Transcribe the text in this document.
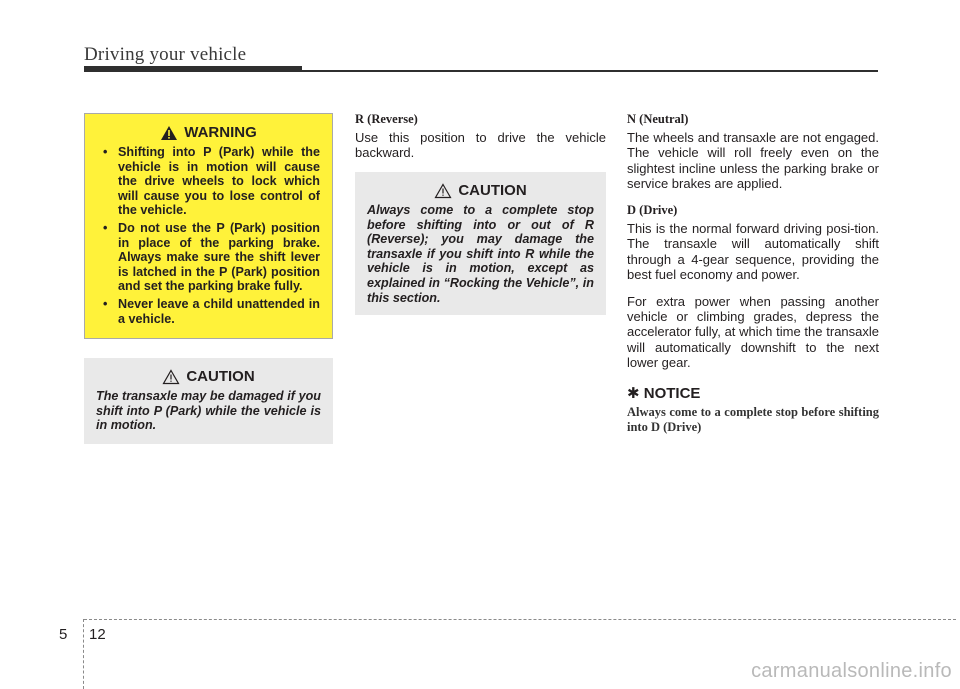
Driving your vehicle
WARNING
• Shifting into P (Park) while the vehicle is in motion will cause the drive wheels to lock which will cause you to lose control of the vehicle.
• Do not use the P (Park) position in place of the parking brake. Always make sure the shift lever is latched in the P (Park) position and set the parking brake fully.
• Never leave a child unattended in a vehicle.
CAUTION
The transaxle may be damaged if you shift into P (Park) while the vehicle is in motion.
R (Reverse)
Use this position to drive the vehicle backward.
CAUTION
Always come to a complete stop before shifting into or out of R (Reverse); you may damage the transaxle if you shift into R while the vehicle is in motion, except as explained in “Rocking the Vehicle”, in this section.
N (Neutral)
The wheels and transaxle are not engaged. The vehicle will roll freely even on the slightest incline unless the parking brake or service brakes are applied.
D (Drive)
This is the normal forward driving posi-tion. The transaxle will automatically shift through a 4-gear sequence, providing the best fuel economy and power.
For extra power when passing another vehicle or climbing grades, depress the accelerator fully, at which time the transaxle will automatically downshift to the next lower gear.
✱ NOTICE
Always come to a complete stop before shifting into D (Drive)
5 12
carmanualsonline.info
